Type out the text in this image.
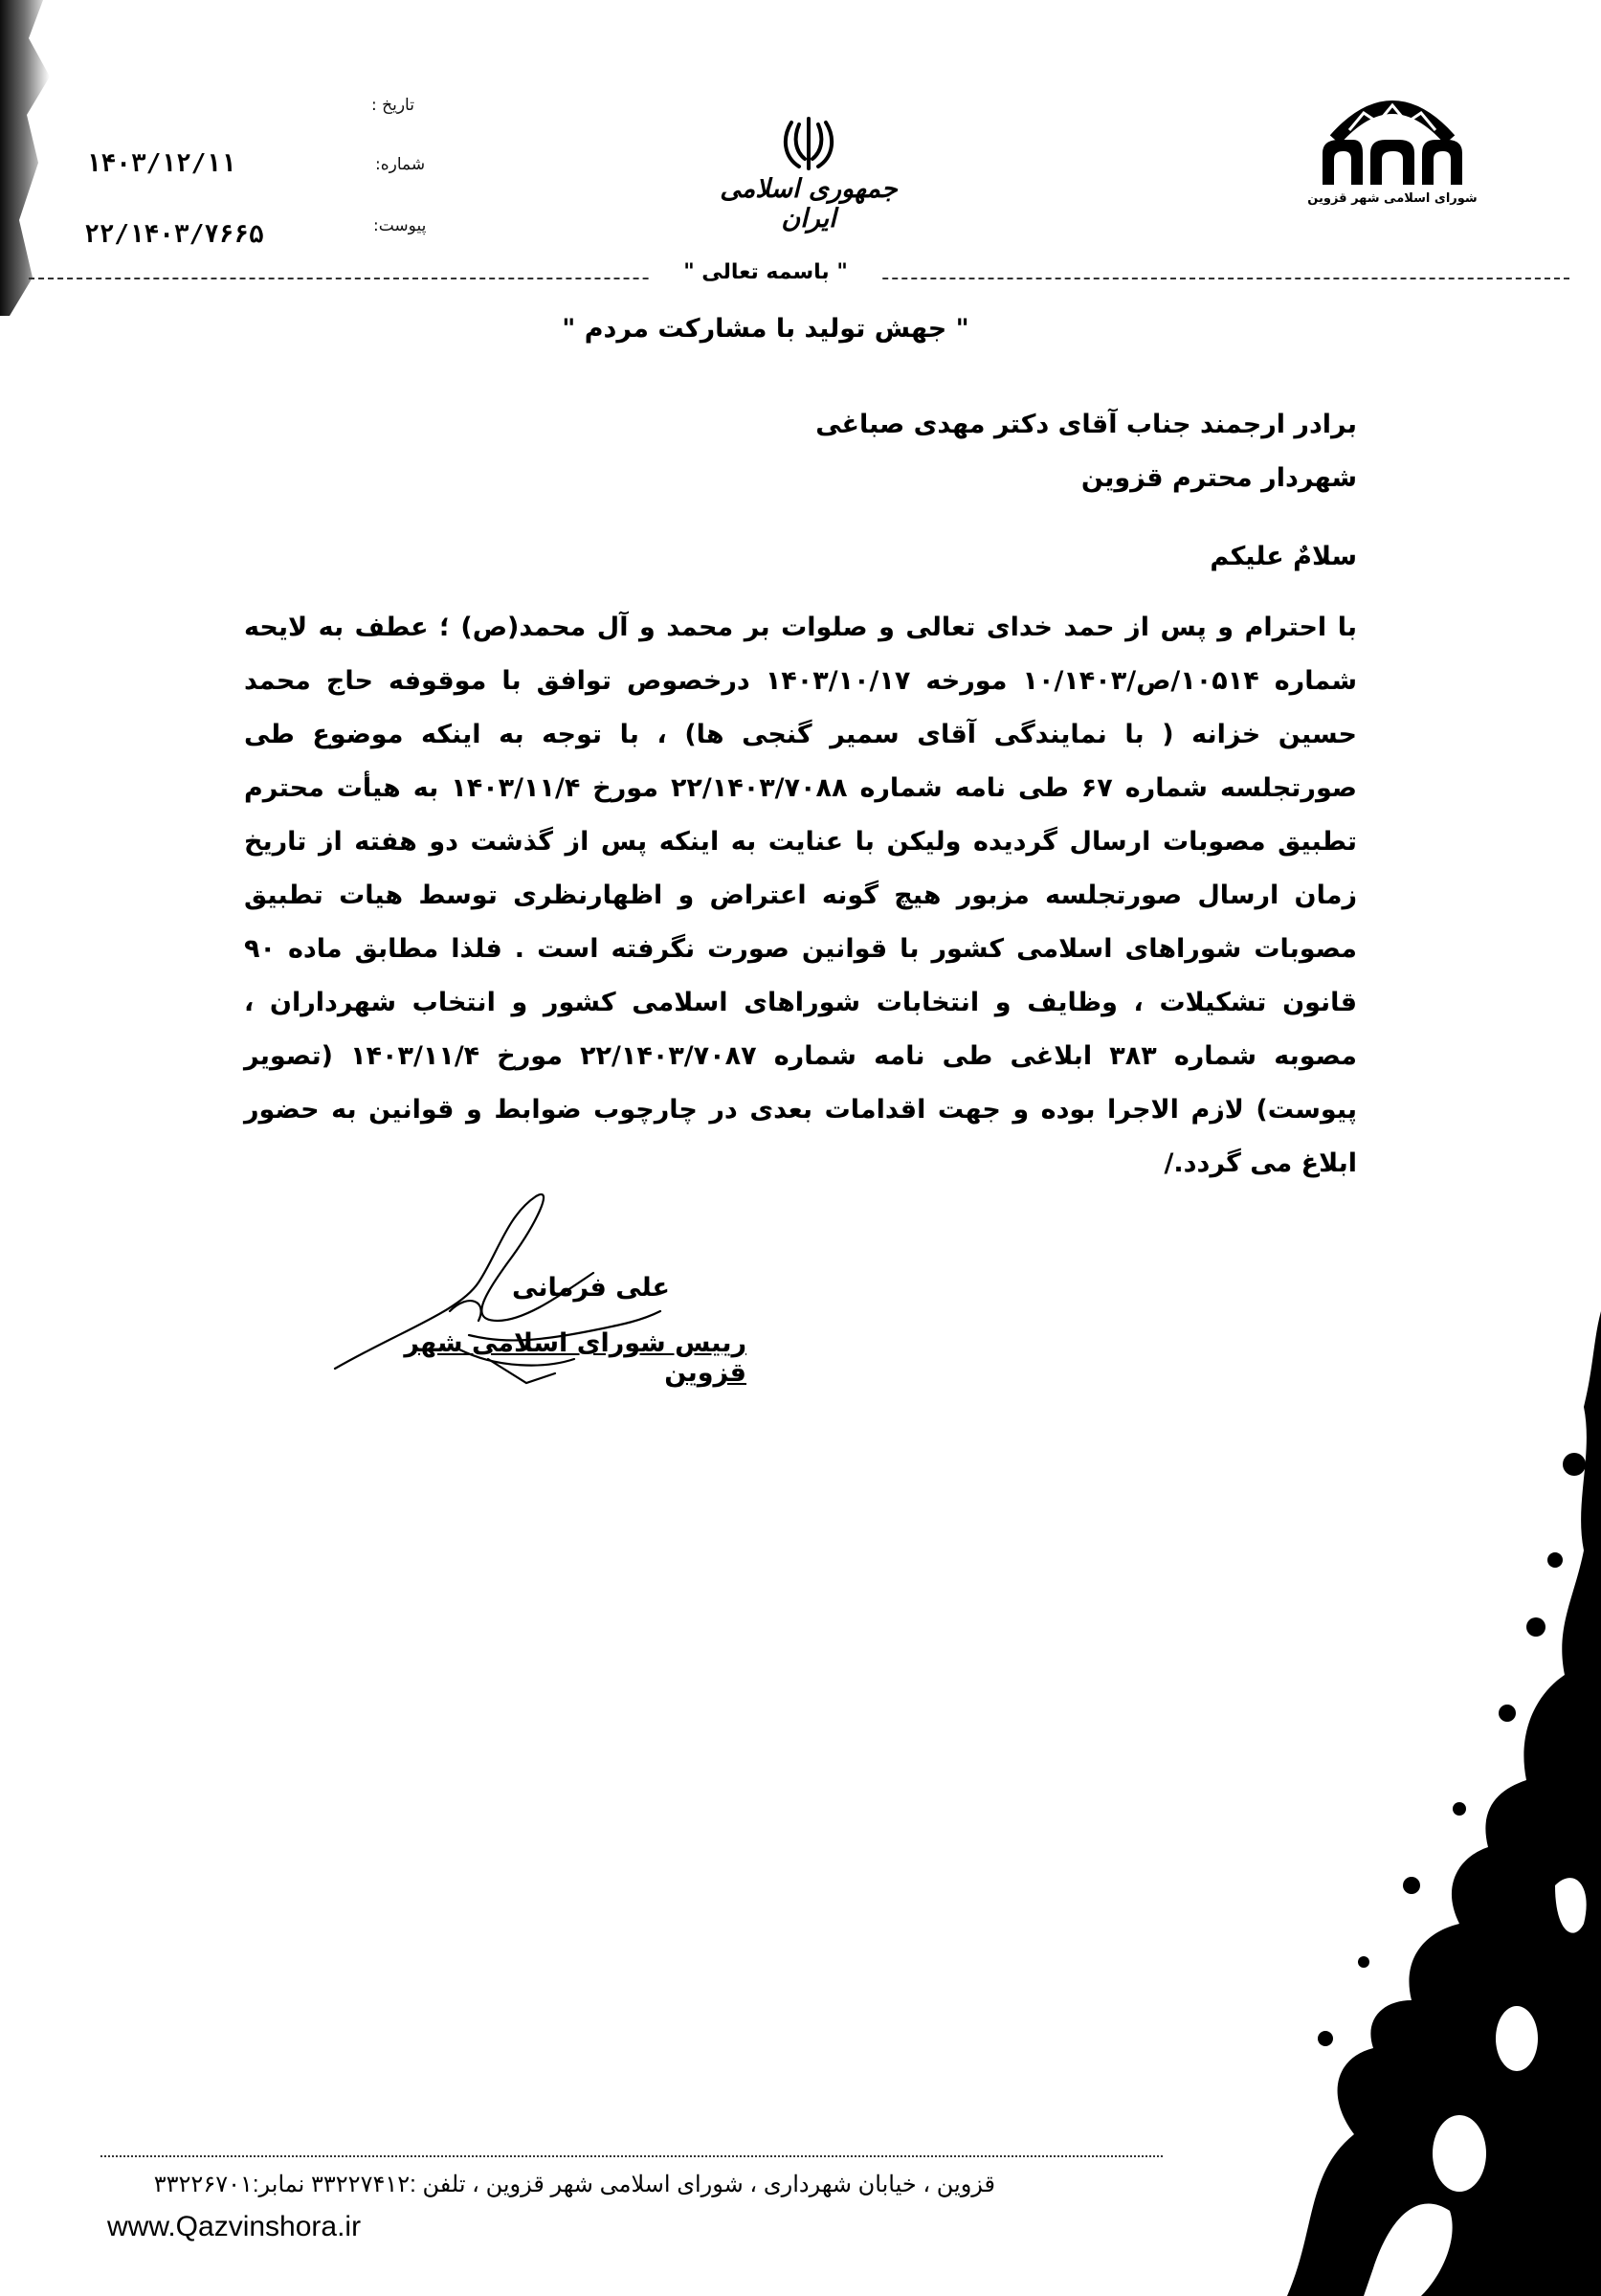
تاریخ :
شماره:
پیوست:
۱۴۰۳/۱۲/۱۱
۲۲/۱۴۰۳/۷۶۶۵
جمهوری اسلامی ایران
شورای اسلامی شهر قزوین
" باسمه تعالی "
" جهش تولید با مشارکت مردم "
برادر ارجمند جناب آقای دکتر مهدی صباغی
شهردار محترم قزوین
سلامٌ علیکم
با احترام و پس از حمد خدای تعالی و صلوات بر محمد و آل محمد(ص) ؛ عطف به لایحه شماره ۱۰۵۱۴/ص/۱۰/۱۴۰۳ مورخه ۱۴۰۳/۱۰/۱۷ درخصوص توافق با موقوفه حاج محمد حسین خزانه ( با نمایندگی آقای سمیر گنجی ها) ، با توجه به اینکه موضوع طی صورتجلسه شماره ۶۷ طی نامه شماره ۲۲/۱۴۰۳/۷۰۸۸ مورخ ۱۴۰۳/۱۱/۴ به هیأت محترم تطبیق مصوبات ارسال گردیده ولیکن با عنایت به اینکه پس از گذشت دو هفته از تاریخ زمان ارسال صورتجلسه مزبور هیچ گونه اعتراض و اظهارنظری توسط هیات تطبیق مصوبات شوراهای اسلامی کشور با قوانین صورت نگرفته است . فلذا مطابق ماده ۹۰ قانون تشکیلات ، وظایف و انتخابات شوراهای اسلامی کشور و انتخاب شهرداران ، مصوبه شماره ۳۸۳ ابلاغی طی نامه شماره ۲۲/۱۴۰۳/۷۰۸۷ مورخ ۱۴۰۳/۱۱/۴ (تصویر پیوست) لازم الاجرا بوده و جهت اقدامات بعدی در چارچوب ضوابط و قوانین به حضور ابلاغ می گردد./
علی فرمانی
رییس شورای اسلامی شهر قزوین
قزوین ، خیابان شهرداری ، شورای اسلامی شهر قزوین ، تلفن :۳۳۲۲۷۴۱۲ نمابر:۳۳۲۲۶۷۰۱
www.Qazvinshora.ir
